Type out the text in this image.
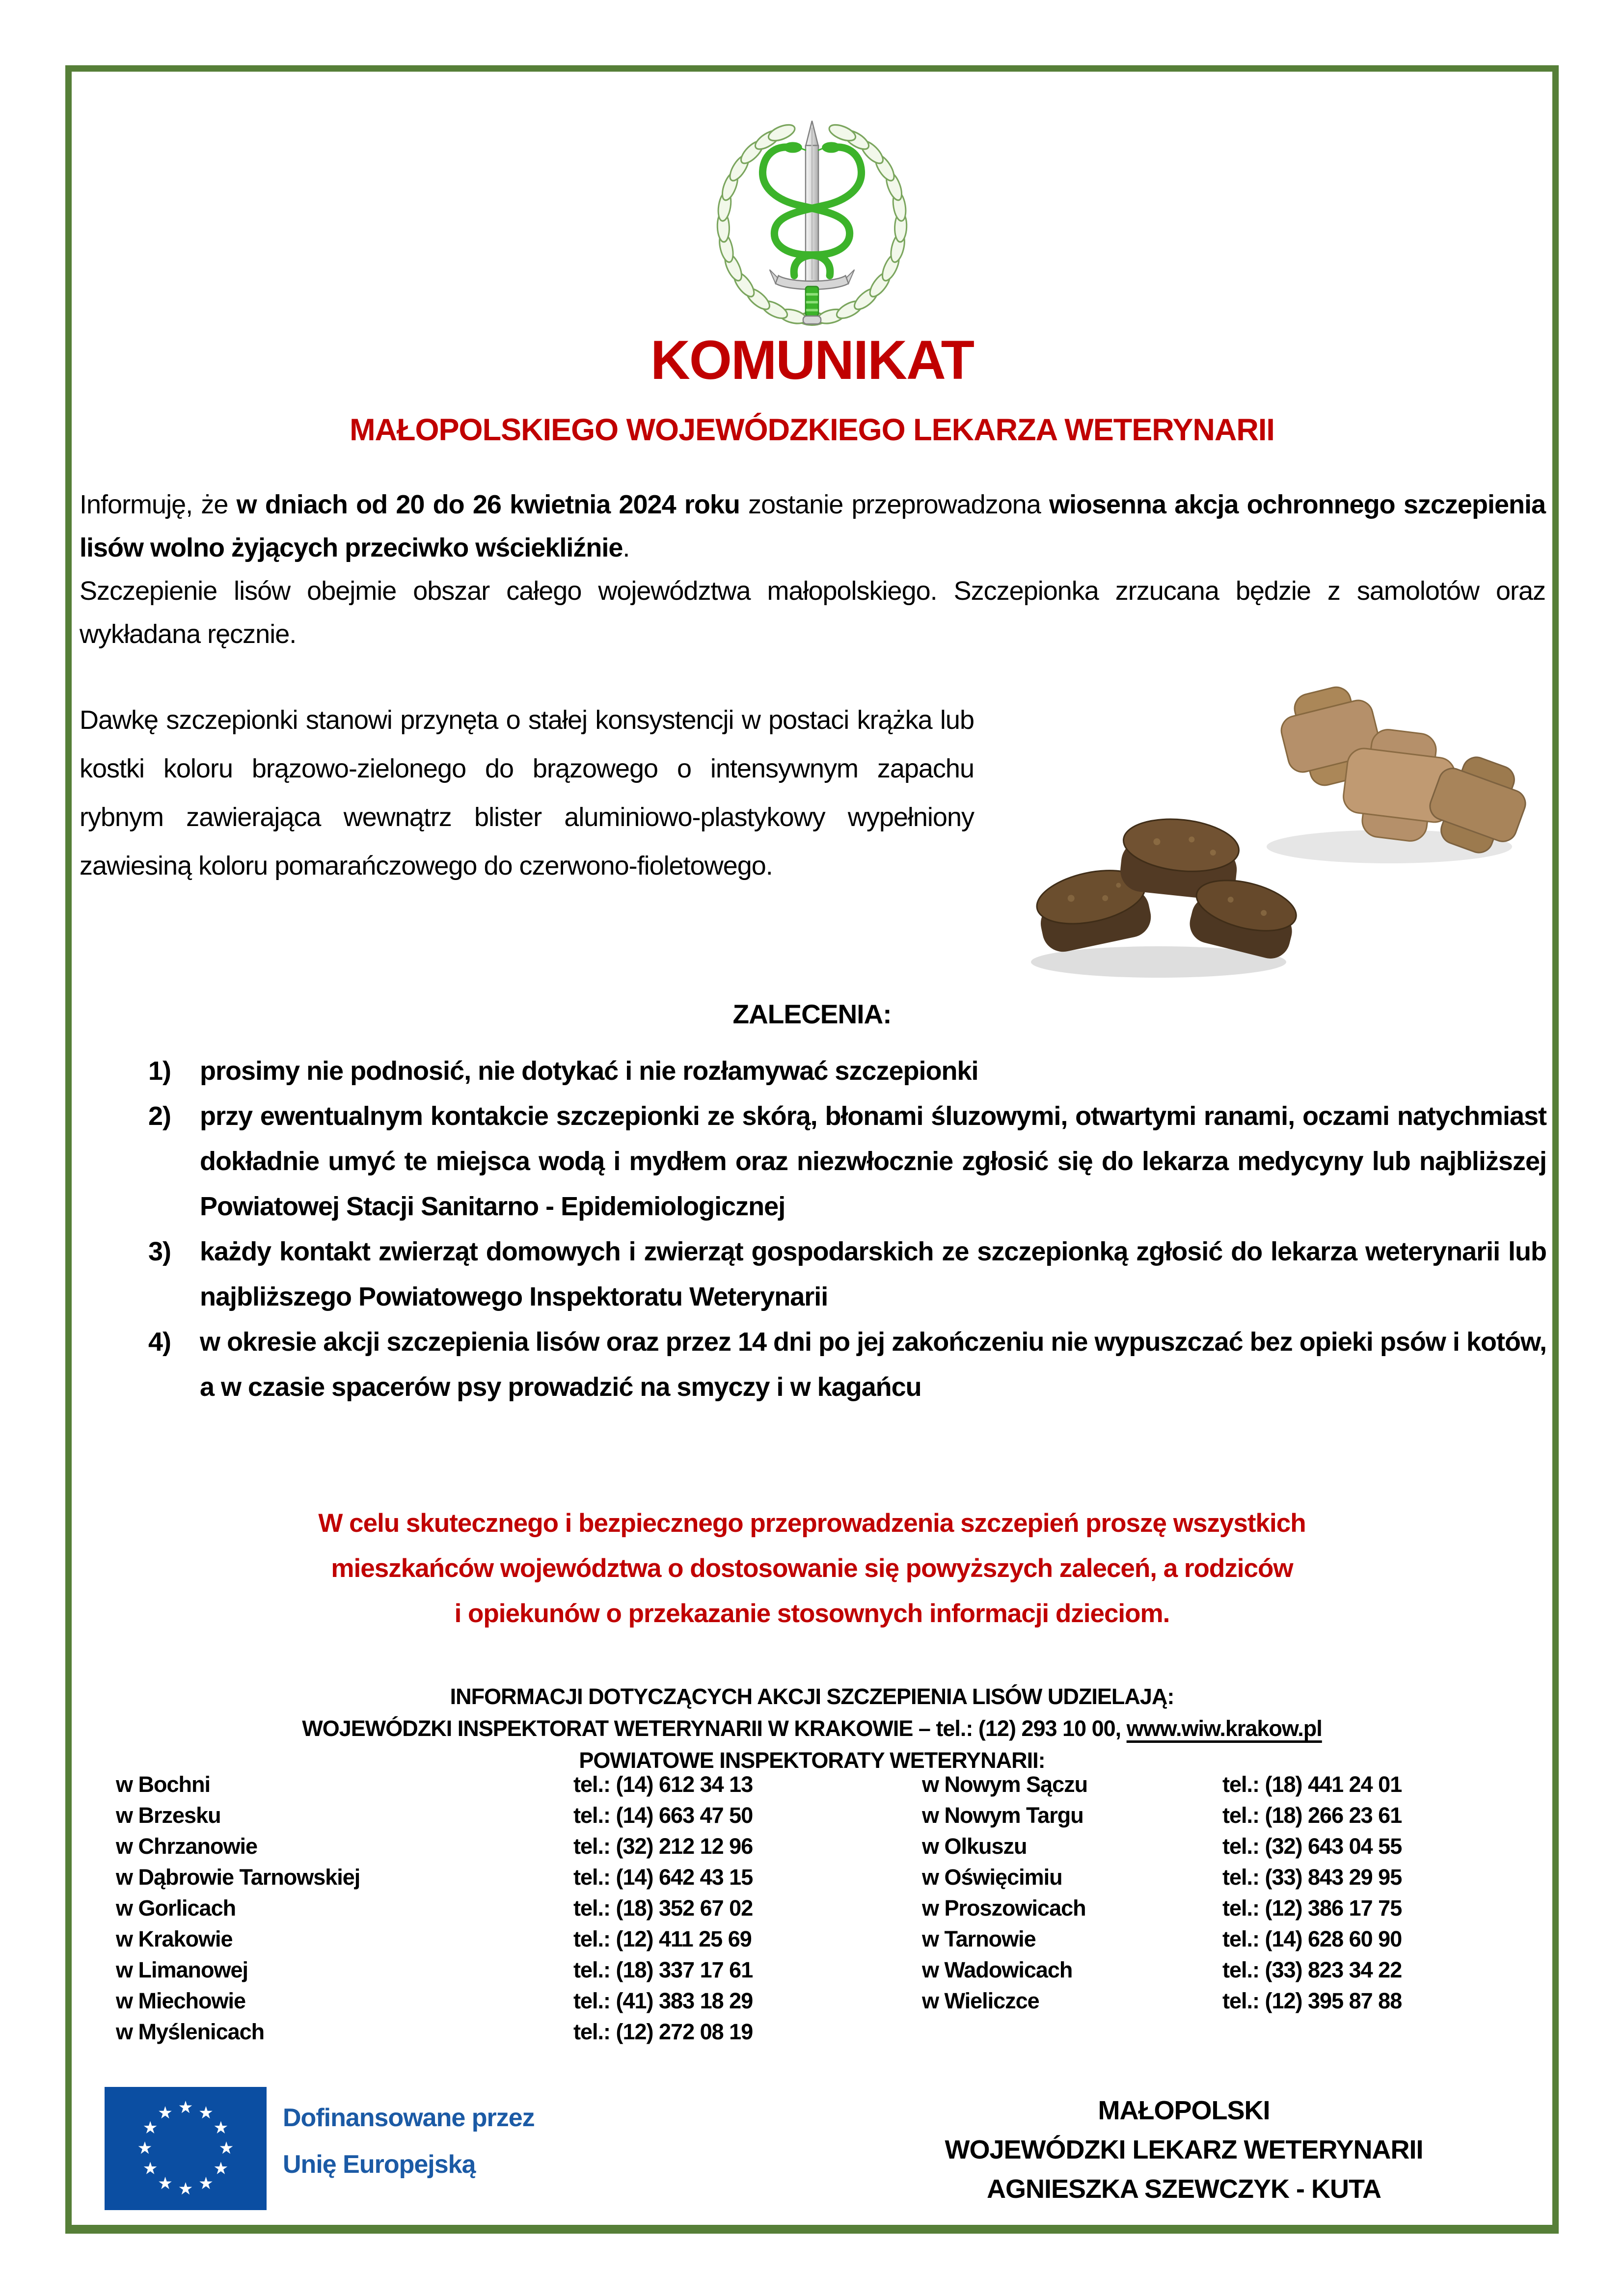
KOMUNIKAT
MAŁOPOLSKIEGO WOJEWÓDZKIEGO LEKARZA WETERYNARII

Informuję, że w dniach od 20 do 26 kwietnia 2024 roku zostanie przeprowadzona wiosenna akcja ochronnego szczepienia lisów wolno żyjących przeciwko wściekliźnie.

Szczepienie lisów obejmie obszar całego województwa małopolskiego. Szczepionka zrzucana będzie z samolotów oraz wykładana ręcznie.

Dawkę szczepionki stanowi przynęta o stałej konsystencji w postaci krążka lub kostki koloru brązowo-zielonego do brązowego o intensywnym zapachu rybnym zawierająca wewnątrz blister aluminiowo-plastykowy wypełniony zawiesiną koloru pomarańczowego do czerwono-fioletowego.
ZALECENIA:
1)	prosimy nie podnosić, nie dotykać i nie rozłamywać szczepionki
2)	przy ewentualnym kontakcie szczepionki ze skórą, błonami śluzowymi, otwartymi ranami, oczami natychmiast dokładnie umyć te miejsca wodą i mydłem oraz niezwłocznie zgłosić się do lekarza medycyny lub najbliższej Powiatowej Stacji Sanitarno - Epidemiologicznej
3)	każdy kontakt zwierząt domowych i zwierząt gospodarskich ze szczepionką zgłosić do lekarza weterynarii lub najbliższego Powiatowego Inspektoratu Weterynarii
4)	w okresie akcji szczepienia lisów oraz przez 14 dni po jej zakończeniu nie wypuszczać bez opieki psów i kotów, a w czasie spacerów psy prowadzić na smyczy i w kagańcu
W celu skutecznego i bezpiecznego przeprowadzenia szczepień proszę wszystkich
mieszkańców województwa o dostosowanie się powyższych zaleceń, a rodziców
i opiekunów o przekazanie stosownych informacji dzieciom.
INFORMACJI DOTYCZĄCYCH AKCJI SZCZEPIENIA LISÓW UDZIELAJĄ:
WOJEWÓDZKI INSPEKTORAT WETERYNARII W KRAKOWIE – tel.: (12) 293 10 00, www.wiw.krakow.pl
POWIATOWE INSPEKTORATY WETERYNARII:
w Bochni	tel.: (14) 612 34 13	w Nowym Sączu	tel.: (18) 441 24 01
w Brzesku	tel.: (14) 663 47 50	w Nowym Targu	tel.: (18) 266 23 61
w Chrzanowie	tel.: (32) 212 12 96	w Olkuszu	tel.: (32) 643 04 55
w Dąbrowie Tarnowskiej	tel.: (14) 642 43 15	w Oświęcimiu	tel.: (33) 843 29 95
w Gorlicach	tel.: (18) 352 67 02	w Proszowicach	tel.: (12) 386 17 75
w Krakowie	tel.: (12) 411 25 69	w Tarnowie	tel.: (14) 628 60 90
w Limanowej	tel.: (18) 337 17 61	w Wadowicach	tel.: (33) 823 34 22
w Miechowie	tel.: (41) 383 18 29	w Wieliczce	tel.: (12) 395 87 88
w Myślenicach	tel.: (12) 272 08 19
Dofinansowane przez
Unię Europejską
MAŁOPOLSKI
WOJEWÓDZKI LEKARZ WETERYNARII
AGNIESZKA SZEWCZYK - KUTA
